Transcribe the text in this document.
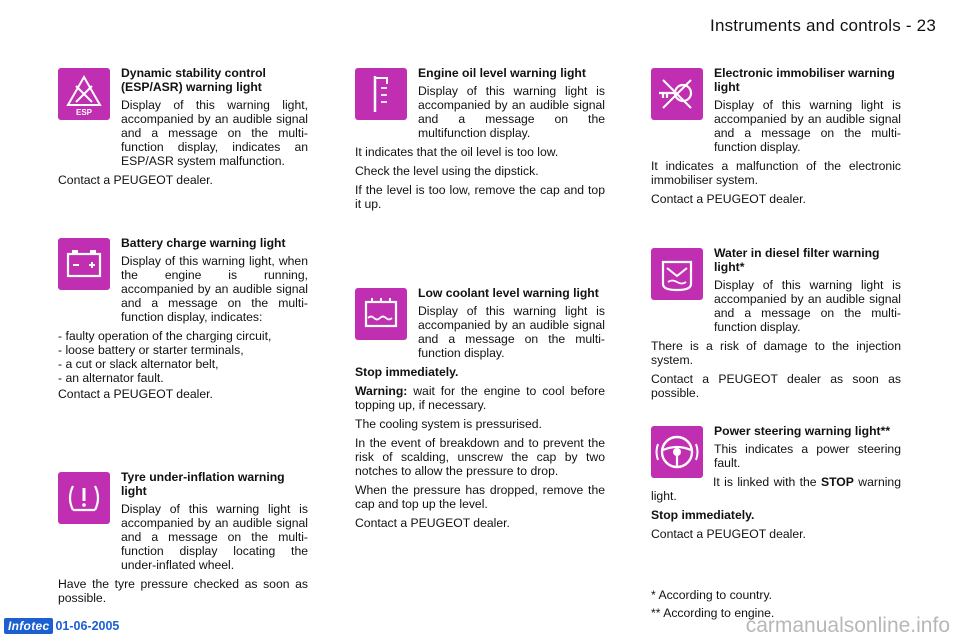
Instruments and controls - 23
ESP
Dynamic stability control (ESP/ASR) warning light

Display of this warning light, accompanied by an audible signal and a message on the multi-function display, indicates an ESP/ASR system malfunction.

Contact a PEUGEOT dealer.

Battery charge warning light

Display of this warning light, when the engine is running, accompanied by an audible signal and a message on the multi-function display, indicates:

- faulty operation of the charging circuit,
- loose battery or starter terminals,
- a cut or slack alternator belt,
- an alternator fault.

Contact a PEUGEOT dealer.

Tyre under-inflation warning light

Display of this warning light is accompanied by an audible signal and a message on the multi-function display locating the under-inflated wheel.

Have the tyre pressure checked as soon as possible.

Engine oil level warning light

Display of this warning light is accompanied by an audible signal and a message on the multifunction display.

It indicates that the oil level is too low.

Check the level using the dipstick.

If the level is too low, remove the cap and top it up.

Low coolant level warning light

Display of this warning light is accompanied by an audible signal and a message on the multi-function display.

Stop immediately.

Warning: wait for the engine to cool before topping up, if necessary.

The cooling system is pressurised.

In the event of breakdown and to prevent the risk of scalding, unscrew the cap by two notches to allow the pressure to drop.

When the pressure has dropped, remove the cap and top up the level.

Contact a PEUGEOT dealer.

Electronic immobiliser warning light

Display of this warning light is accompanied by an audible signal and a message on the multi-function display.

It indicates a malfunction of the electronic immobiliser system.

Contact a PEUGEOT dealer.

Water in diesel filter warning light*

Display of this warning light is accompanied by an audible signal and a message on the multi-function display.

There is a risk of damage to the injection system.

Contact a PEUGEOT dealer as soon as possible.

Power steering warning light**

This indicates a power steering fault.

It is linked with the STOP warning light.

Stop immediately.

Contact a PEUGEOT dealer.

* According to country.

** According to engine.

Infotec 01-06-2005	carmanualsonline.info
